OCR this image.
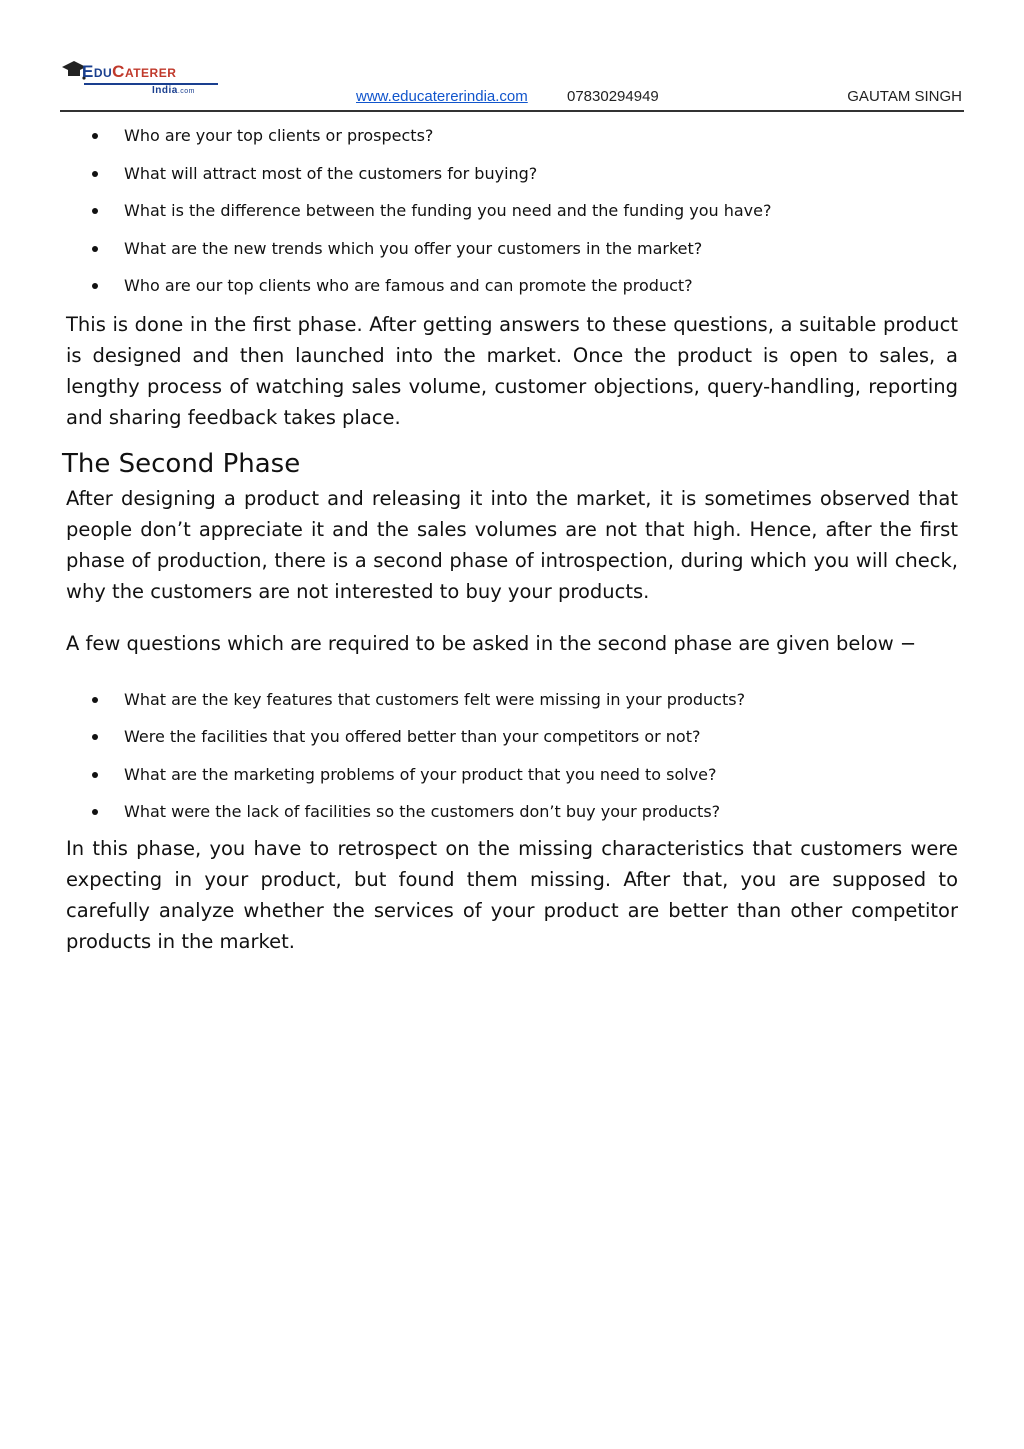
EduCaterer
India.com	www.educatererindia.com	07830294949	GAUTAM SINGH
Who are your top clients or prospects?
What will attract most of the customers for buying?
What is the difference between the funding you need and the funding you have?
What are the new trends which you offer your customers in the market?
Who are our top clients who are famous and can promote the product?

This is done in the first phase. After getting answers to these questions, a suitable product is designed and then launched into the market. Once the product is open to sales, a lengthy process of watching sales volume, customer objections, query-handling, reporting and sharing feedback takes place.

The Second Phase

After designing a product and releasing it into the market, it is sometimes observed that people don’t appreciate it and the sales volumes are not that high. Hence, after the first phase of production, there is a second phase of introspection, during which you will check, why the customers are not interested to buy your products.

A few questions which are required to be asked in the second phase are given below −

What are the key features that customers felt were missing in your products?
Were the facilities that you offered better than your competitors or not?
What are the marketing problems of your product that you need to solve?
What were the lack of facilities so the customers don’t buy your products?

In this phase, you have to retrospect on the missing characteristics that customers were expecting in your product, but found them missing. After that, you are supposed to carefully analyze whether the services of your product are better than other competitor products in the market.
